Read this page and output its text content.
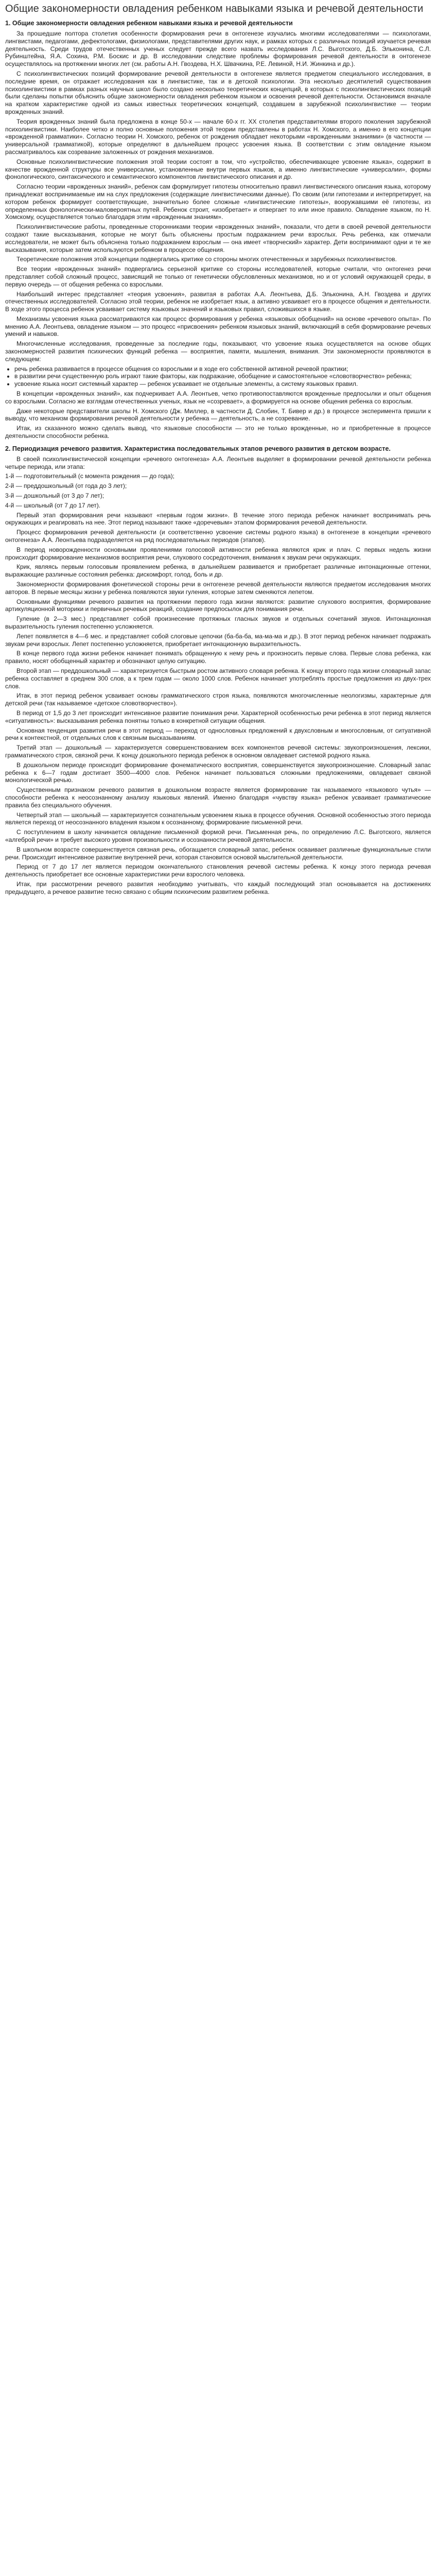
Общие закономерности овладения ребенком навыками языка и речевой деятельности
1. Общие закономерности овладения ребенком навыками языка и речевой деятельности

За прошедшие полтора столетия особенности формирования речи в онтогенезе изучались многими исследователями — психологами, лингвистами, педагогами, дефектологами, физиологами, представителями других наук, и рамках которых с различных позиций изучается речевая деятельность. Среди трудов отечественных ученых следует прежде всего назвать исследования Л.С. Выготского, Д.Б. Эльконина, С.Л. Рубинштейна, Я.А. Сохина, Р.М. Боскис и др. В исследовании следствие проблемы формирования речевой деятельности в онтогенезе осуществлялось на протяжении многих лет (см. работы А.Н. Гвоздева, Н.Х. Швачкина, Р.Е. Левиной, Н.И. Жинкина и др.).

С психолингвистических позиций формирование речевой деятельности в онтогенезе является предметом специального исследования, в последние время, он отражает исследования как в лингвистике, так и в детской психологии. Эта несколько десятилетий существования психолингвистики в рамках разных научных школ было создано несколько теоретических концепций, в которых с психолингвистических позиций были сделаны попытки объяснить общие закономерности овладения ребенком языком и освоения речевой деятельности. Остановимся вначале на кратком характеристике одной из самых известных теоретических концепций, создавшем в зарубежной психолингвистике — теории врожденных знаний.

Теория врожденных знаний была предложена в конце 50-х — начале 60-х гг. XX столетия представителями второго поколения зарубежной психолингвистики. Наиболее четко и полно основные положения этой теории представлены в работах Н. Хомского, а именно в его концепции «врожденной грамматики». Согласно теории Н. Хомского, ребенок от рождения обладает некоторыми «врожденными знаниями» (в частности — универсальной грамматикой), которые определяют в дальнейшем процесс усвоения языка. В соответствии с этим овладение языком рассматривалось как созревание заложенных от рождения механизмов.

Основные психолингвистические положения этой теории состоят в том, что «устройство, обеспечивающее усвоение языка», содержит в качестве врожденной структуры все универсалии, установленные внутри первых языков, а именно лингвистические «универсалии», формы фонологического, синтаксического и семантического компонентов лингвистического описания и др.

Согласно теории «врожденных знаний», ребенок сам формулирует гипотезы относительно правил лингвистического описания языка, которому принадлежат воспринимаемые им на слух предложения (содержащие лингвистическими данные). По своим (или гипотезами и интерпретирует, на котором ребенок формирует соответствующие, значительно более сложные «лингвистические гипотезы», вооружавшими её гипотезы, из определенных фонологически-маловероятных путей. Ребенок строит, «изобретает» и отвергает то или иное правило. Овладение языком, по Н. Хомскому, осуществляется только благодаря этим «врожденным знаниям».

Психолингвистические работы, проведенные сторонниками теории «врожденных знаний», показали, что дети в своей речевой деятельности создают такие высказывания, которые не могут быть объяснены простым подражанием речи взрослых. Речь ребенка, как отмечали исследователи, не может быть объяснена только подражанием взрослым — она имеет «творческий» характер. Дети воспринимают одни и те же высказывания, которые затем используются ребенком в процессе общения.

Теоретические положения этой концепции подвергались критике со стороны многих отечественных и зарубежных психолингвистов.

Все теории «врожденных знаний» подвергались серьезной критике со стороны исследователей, которые считали, что онтогенез речи представляет собой сложный процесс, зависящий не только от генетически обусловленных механизмов, но и от условий окружающей среды, в первую очередь — от общения ребенка со взрослыми.

Наибольший интерес представляет «теория усвоения», развитая в работах А.А. Леонтьева, Д.Б. Эльконина, А.Н. Гвоздева и других отечественных исследователей. Согласно этой теории, ребенок не изобретает язык, а активно усваивает его в процессе общения и деятельности. В ходе этого процесса ребенок усваивает систему языковых значений и языковых правил, сложившихся в языке.

Механизмы усвоения языка рассматриваются как процесс формирования у ребенка «языковых обобщений» на основе «речевого опыта». По мнению А.А. Леонтьева, овладение языком — это процесс «присвоения» ребенком языковых знаний, включающий в себя формирование речевых умений и навыков.

Многочисленные исследования, проведенные за последние годы, показывают, что усвоение языка осуществляется на основе общих закономерностей развития психических функций ребенка — восприятия, памяти, мышления, внимания. Эти закономерности проявляются в следующем:

• речь ребенка развивается в процессе общения со взрослыми и в ходе его собственной активной речевой практики;
• в развитии речи существенную роль играют такие факторы, как подражание, обобщение и самостоятельное «словотворчество» ребенка;
• усвоение языка носит системный характер — ребенок усваивает не отдельные элементы, а систему языковых правил.

В концепции «врожденных знаний», как подчеркивает А.А. Леонтьев, четко противопоставляются врожденные предпосылки и опыт общения со взрослыми. Согласно же взглядам отечественных ученых, язык не «созревает», а формируется на основе общения ребенка со взрослым.

Даже некоторые представители школы Н. Хомского (Дж. Миллер, в частности Д. Слобин, Т. Бивер и др.) в процессе эксперимента пришли к выводу, что механизм формирования речевой деятельности у ребенка — деятельность, а не созревание.

Итак, из сказанного можно сделать вывод, что языковые способности — это не только врожденные, но и приобретенные в процессе деятельности способности ребенка.

2. Периодизация речевого развития. Характеристика последовательных этапов речевого развития в детском возрасте.

В своей психолингвистической концепции «речевого онтогенеза» А.А. Леонтьев выделяет в формировании речевой деятельности ребенка четыре периода, или этапа:

1-й — подготовительный (с момента рождения — до года);

2-й — преддошкольный (от года до 3 лет);

3-й — дошкольный (от 3 до 7 лет);

4-й — школьный (от 7 до 17 лет).

Первый этап формирования речи называют «первым годом жизни». В течение этого периода ребенок начинает воспринимать речь окружающих и реагировать на нее. Этот период называют также «доречевым» этапом формирования речевой деятельности.

Процесс формирования речевой деятельности (и соответственно усвоение системы родного языка) в онтогенезе в концепции «речевого онтогенеза» А.А. Леонтьева подразделяется на ряд последовательных периодов (этапов).

В период новорожденности основными проявлениями голосовой активности ребенка являются крик и плач. С первых недель жизни происходит формирование механизмов восприятия речи, слухового сосредоточения, внимания к звукам речи окружающих.

Крик, являясь первым голосовым проявлением ребенка, в дальнейшем развивается и приобретает различные интонационные оттенки, выражающие различные состояния ребенка: дискомфорт, голод, боль и др.

Закономерности формирования фонетической стороны речи в онтогенезе речевой деятельности являются предметом исследования многих авторов. В первые месяцы жизни у ребенка появляются звуки гуления, которые затем сменяются лепетом.

Основными функциями речевого развития на протяжении первого года жизни являются: развитие слухового восприятия, формирование артикуляционной моторики и первичных речевых реакций, создание предпосылок для понимания речи.

Гуление (в 2—3 мес.) представляет собой произнесение протяжных гласных звуков и отдельных сочетаний звуков. Интонационная выразительность гуления постепенно усложняется.

Лепет появляется в 4—6 мес. и представляет собой слоговые цепочки (ба-ба-ба, ма-ма-ма и др.). В этот период ребенок начинает подражать звукам речи взрослых. Лепет постепенно усложняется, приобретает интонационную выразительность.

В конце первого года жизни ребенок начинает понимать обращенную к нему речь и произносить первые слова. Первые слова ребенка, как правило, носят обобщенный характер и обозначают целую ситуацию.

Второй этап — преддошкольный — характеризуется быстрым ростом активного словаря ребенка. К концу второго года жизни словарный запас ребенка составляет в среднем 300 слов, а к трем годам — около 1000 слов. Ребенок начинает употреблять простые предложения из двух-трех слов.

Итак, в этот период ребенок усваивает основы грамматического строя языка, появляются многочисленные неологизмы, характерные для детской речи (так называемое «детское словотворчество»).

В период от 1,5 до 3 лет происходит интенсивное развитие понимания речи. Характерной особенностью речи ребенка в этот период является «ситуативность»: высказывания ребенка понятны только в конкретной ситуации общения.

Основная тенденция развития речи в этот период — переход от однословных предложений к двухсловным и многословным, от ситуативной речи к контекстной, от отдельных слов к связным высказываниям.

Третий этап — дошкольный — характеризуется совершенствованием всех компонентов речевой системы: звукопроизношения, лексики, грамматического строя, связной речи. К концу дошкольного периода ребенок в основном овладевает системой родного языка.

В дошкольном периоде происходит формирование фонематического восприятия, совершенствуется звукопроизношение. Словарный запас ребенка к 6—7 годам достигает 3500—4000 слов. Ребенок начинает пользоваться сложными предложениями, овладевает связной монологической речью.

Существенным признаком речевого развития в дошкольном возрасте является формирование так называемого «языкового чутья» — способности ребенка к неосознанному анализу языковых явлений. Именно благодаря «чувству языка» ребенок усваивает грамматические правила без специального обучения.

Четвертый этап — школьный — характеризуется сознательным усвоением языка в процессе обучения. Основной особенностью этого периода является переход от неосознанного владения языком к осознанному, формирование письменной речи.

С поступлением в школу начинается овладение письменной формой речи. Письменная речь, по определению Л.С. Выготского, является «алгеброй речи» и требует высокого уровня произвольности и осознанности речевой деятельности.

В школьном возрасте совершенствуется связная речь, обогащается словарный запас, ребенок осваивает различные функциональные стили речи. Происходит интенсивное развитие внутренней речи, которая становится основой мыслительной деятельности.

Период от 7 до 17 лет является периодом окончательного становления речевой системы ребенка. К концу этого периода речевая деятельность приобретает все основные характеристики речи взрослого человека.

Итак, при рассмотрении речевого развития необходимо учитывать, что каждый последующий этап основывается на достижениях предыдущего, а речевое развитие тесно связано с общим психическим развитием ребенка.
